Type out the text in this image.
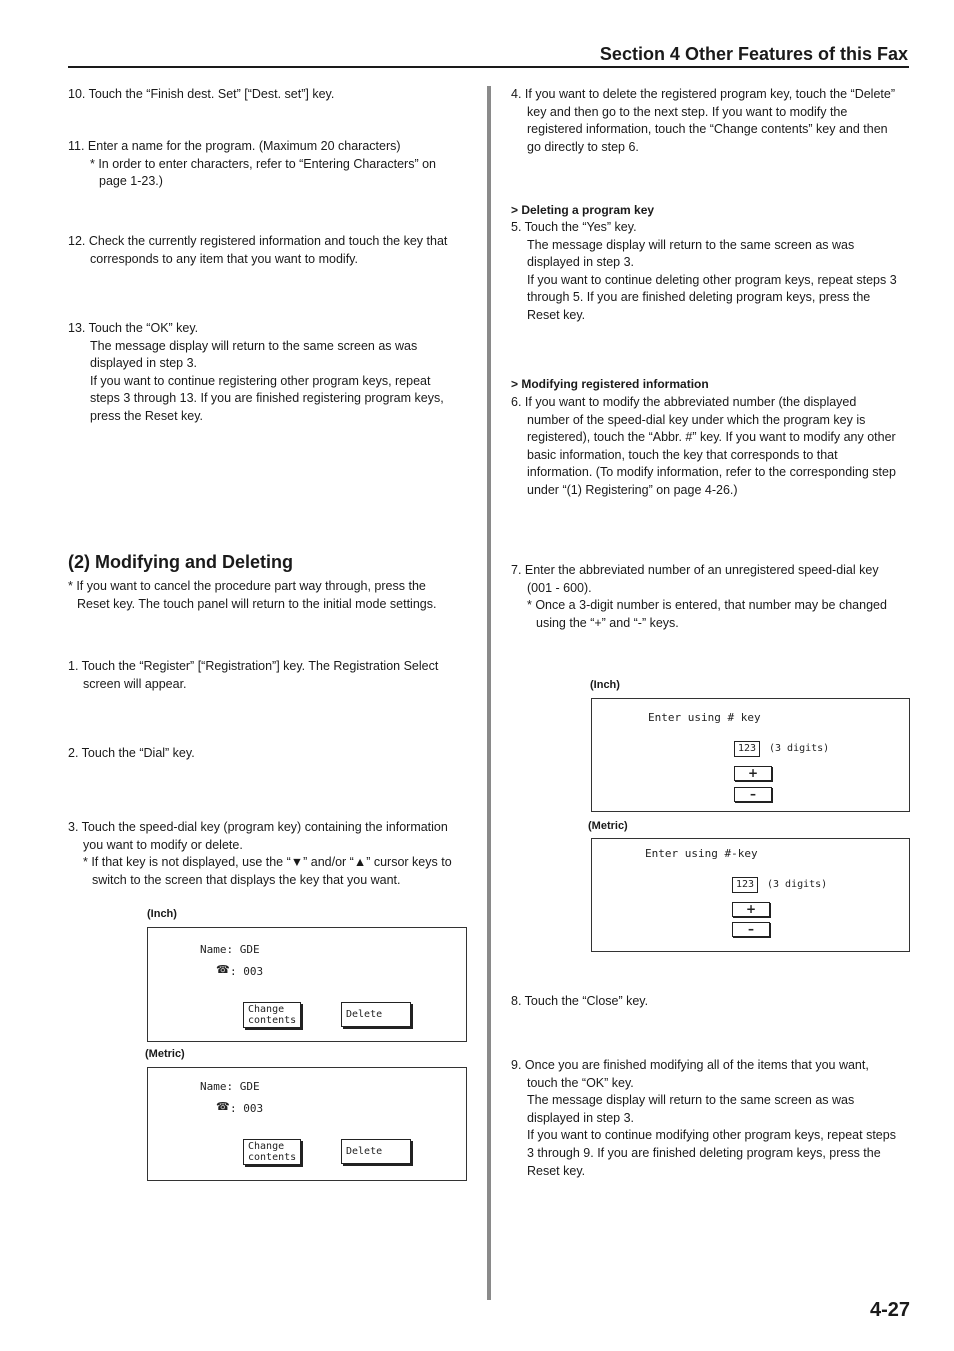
Section 4 Other Features of this Fax
10. Touch the “Finish dest. Set” [“Dest. set”] key.
11. Enter a name for the program. (Maximum 20 characters)
* In order to enter characters, refer to “Entering Characters” on
page 1-23.)
12. Check the currently registered information and touch the key that
corresponds to any item that you want to modify.
13. Touch the “OK” key.
The message display will return to the same screen as was
displayed in step 3.
If you want to continue registering other program keys, repeat
steps 3 through 13. If you are finished registering program keys,
press the Reset key.
(2) Modifying and Deleting
* If you want to cancel the procedure part way through, press the
Reset key. The touch panel will return to the initial mode settings.
1. Touch the “Register” [“Registration”] key. The Registration Select
screen will appear.
2. Touch the “Dial” key.
3. Touch the speed-dial key (program key) containing the information
you want to modify or delete.
* If that key is not displayed, use the “▼” and/or “▲” cursor keys to
switch to the screen that displays the key that you want.
(Inch)
Name: GDE
☎ : 003
Change
contents
Delete
(Metric)
Name: GDE
☎ : 003
Change
contents
Delete
4. If you want to delete the registered program key, touch the “Delete”
key and then go to the next step. If you want to modify the
registered information, touch the “Change contents” key and then
go directly to step 6.
> Deleting a program key
5. Touch the “Yes” key.
The message display will return to the same screen as was
displayed in step 3.
If you want to continue deleting other program keys, repeat steps 3
through 5. If you are finished deleting program keys, press the
Reset key.
> Modifying registered information
6. If you want to modify the abbreviated number (the displayed
number of the speed-dial key under which the program key is
registered), touch the “Abbr. #” key. If you want to modify any other
basic information, touch the key that corresponds to that
information. (To modify information, refer to the corresponding step
under “(1) Registering” on page 4-26.)
7. Enter the abbreviated number of an unregistered speed-dial key
(001 - 600).
* Once a 3-digit number is entered, that number may be changed
using the “+” and “-” keys.
(Inch)
Enter using # key
123	(3 digits)
+
–
(Metric)
Enter using #-key
123	(3 digits)
+
–
8. Touch the “Close” key.
9. Once you are finished modifying all of the items that you want,
touch the “OK” key.
The message display will return to the same screen as was
displayed in step 3.
If you want to continue modifying other program keys, repeat steps
3 through 9. If you are finished deleting program keys, press the
Reset key.
4-27
